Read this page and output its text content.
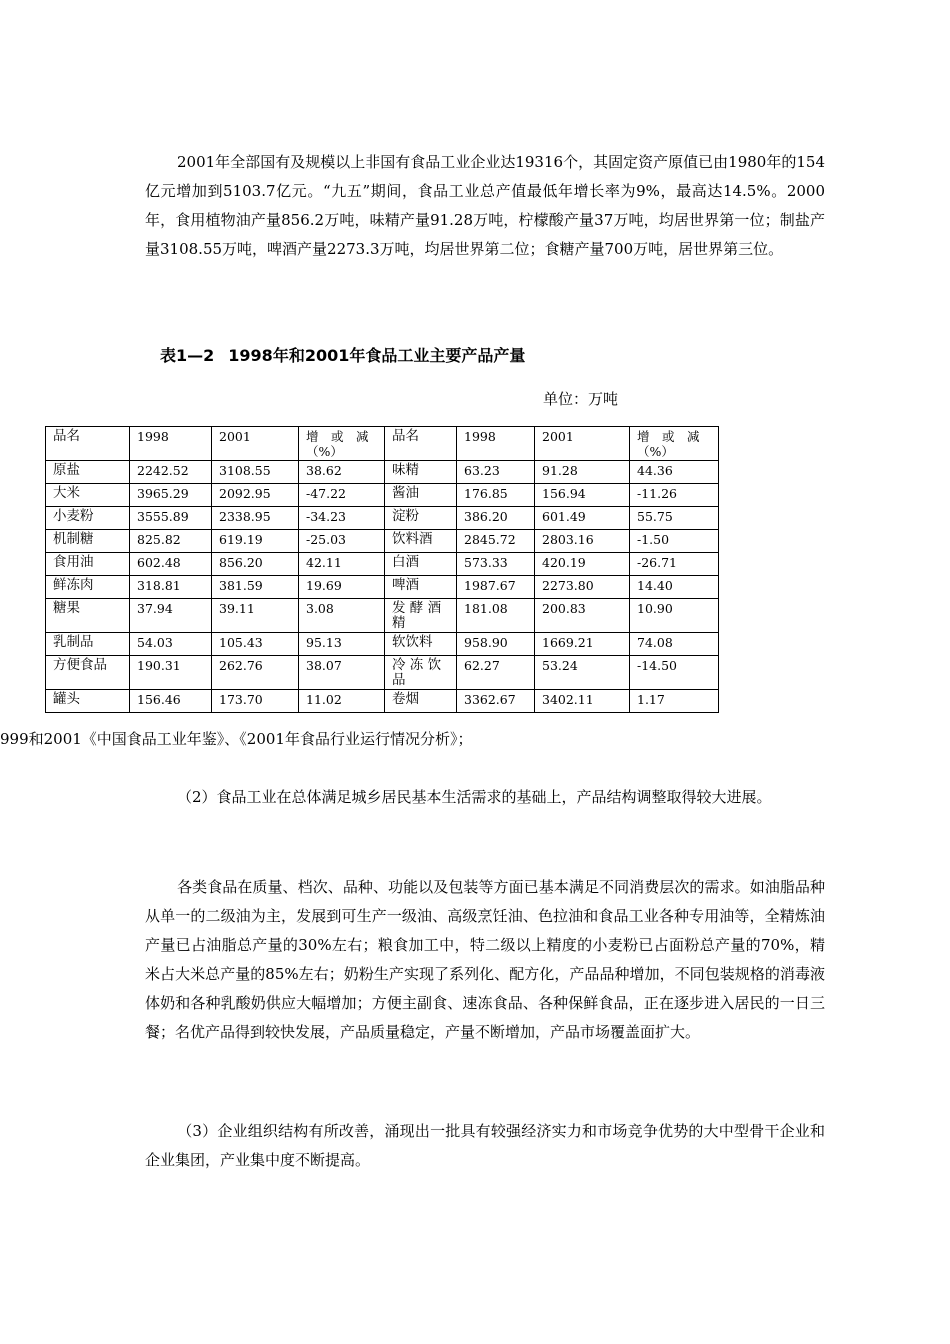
2001年全部国有及规模以上非国有食品工业企业达19316个，其固定资产原值已由1980年的154亿元增加到5103.7亿元。“九五”期间，食品工业总产值最低年增长率为9%，最高达14.5%。2000年，食用植物油产量856.2万吨，味精产量91.28万吨，柠檬酸产量37万吨，均居世界第一位；制盐产量3108.55万吨，啤酒产量2273.3万吨，均居世界第二位；食糖产量700万吨，居世界第三位。

表1—2 1998年和2001年食品工业主要产品产量

单位：万吨

品名	1998	2001	增　或　减（%）	品名	1998	2001	增　或　减（%）
原盐	2242.52	3108.55	38.62	味精	63.23	91.28	44.36
大米	3965.29	2092.95	-47.22	酱油	176.85	156.94	-11.26
小麦粉	3555.89	2338.95	-34.23	淀粉	386.20	601.49	55.75
机制糖	825.82	619.19	-25.03	饮料酒	2845.72	2803.16	-1.50
食用油	602.48	856.20	42.11	白酒	573.33	420.19	-26.71
鲜冻肉	318.81	381.59	19.69	啤酒	1987.67	2273.80	14.40
糖果	37.94	39.11	3.08	发 酵 酒 精	181.08	200.83	10.90
乳制品	54.03	105.43	95.13	软饮料	958.90	1669.21	74.08
方便食品	190.31	262.76	38.07	冷 冻 饮 品	62.27	53.24	-14.50
罐头	156.46	173.70	11.02	卷烟	3362.67	3402.11	1.17

999和2001《中国食品工业年鉴》、《2001年食品行业运行情况分析》；

（2）食品工业在总体满足城乡居民基本生活需求的基础上，产品结构调整取得较大进展。

各类食品在质量、档次、品种、功能以及包装等方面已基本满足不同消费层次的需求。如油脂品种从单一的二级油为主，发展到可生产一级油、高级烹饪油、色拉油和食品工业各种专用油等，全精炼油产量已占油脂总产量的30%左右；粮食加工中，特二级以上精度的小麦粉已占面粉总产量的70%，精米占大米总产量的85%左右；奶粉生产实现了系列化、配方化，产品品种增加，不同包装规格的消毒液体奶和各种乳酸奶供应大幅增加；方便主副食、速冻食品、各种保鲜食品，正在逐步进入居民的一日三餐；名优产品得到较快发展，产品质量稳定，产量不断增加，产品市场覆盖面扩大。

（3）企业组织结构有所改善，涌现出一批具有较强经济实力和市场竞争优势的大中型骨干企业和企业集团，产业集中度不断提高。
